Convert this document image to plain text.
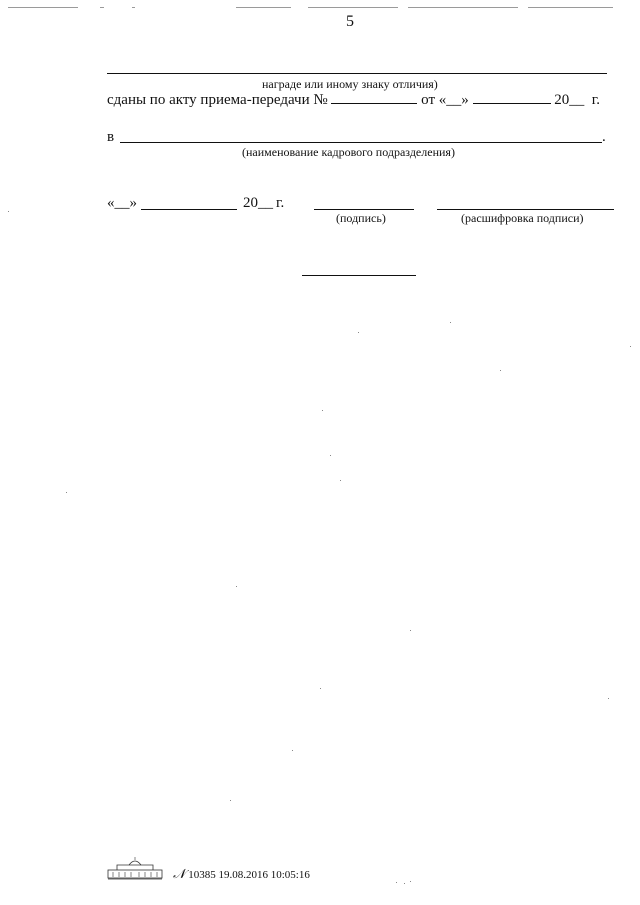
5
награде или иному знаку отличия)
сданы по акту приема-передачи №	от «__»	20__ г.
в	.
(наименование кадрового подразделения)
«__»	20__ г.
(подпись)	(расшифровка подписи)
𝒩 10385 19.08.2016 10:05:16
